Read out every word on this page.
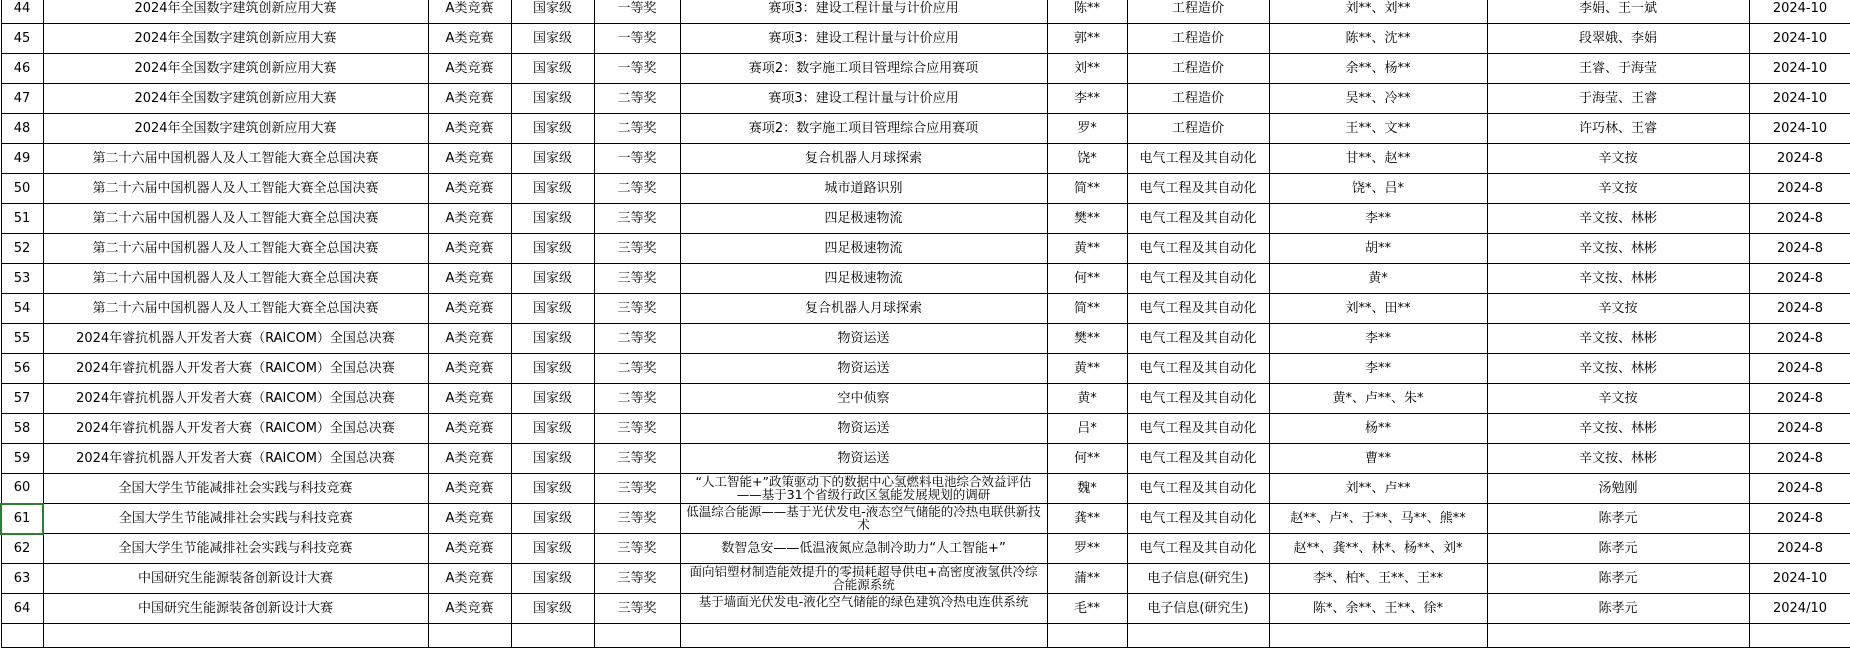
44	2024年全国数字建筑创新应用大赛	A类竞赛	国家级	一等奖	赛项3：建设工程计量与计价应用	陈**	工程造价	刘**、刘**	李娟、王一斌	2024-10
45	2024年全国数字建筑创新应用大赛	A类竞赛	国家级	一等奖	赛项3：建设工程计量与计价应用	郭**	工程造价	陈**、沈**	段翠娥、李娟	2024-10
46	2024年全国数字建筑创新应用大赛	A类竞赛	国家级	一等奖	赛项2：数字施工项目管理综合应用赛项	刘**	工程造价	余**、杨**	王睿、于海莹	2024-10
47	2024年全国数字建筑创新应用大赛	A类竞赛	国家级	二等奖	赛项3：建设工程计量与计价应用	李**	工程造价	吴**、冷**	于海莹、王睿	2024-10
48	2024年全国数字建筑创新应用大赛	A类竞赛	国家级	二等奖	赛项2：数字施工项目管理综合应用赛项	罗*	工程造价	王**、文**	许巧林、王睿	2024-10
49	第二十六届中国机器人及人工智能大赛全总国决赛	A类竞赛	国家级	一等奖	复合机器人月球探索	饶*	电气工程及其自动化	甘**、赵**	辛文按	2024-8
50	第二十六届中国机器人及人工智能大赛全总国决赛	A类竞赛	国家级	二等奖	城市道路识别	简**	电气工程及其自动化	饶*、吕*	辛文按	2024-8
51	第二十六届中国机器人及人工智能大赛全总国决赛	A类竞赛	国家级	三等奖	四足极速物流	樊**	电气工程及其自动化	李**	辛文按、林彬	2024-8
52	第二十六届中国机器人及人工智能大赛全总国决赛	A类竞赛	国家级	三等奖	四足极速物流	黄**	电气工程及其自动化	胡**	辛文按、林彬	2024-8
53	第二十六届中国机器人及人工智能大赛全总国决赛	A类竞赛	国家级	三等奖	四足极速物流	何**	电气工程及其自动化	黄*	辛文按、林彬	2024-8
54	第二十六届中国机器人及人工智能大赛全总国决赛	A类竞赛	国家级	三等奖	复合机器人月球探索	简**	电气工程及其自动化	刘**、田**	辛文按	2024-8
55	2024年睿抗机器人开发者大赛（RAICOM）全国总决赛	A类竞赛	国家级	二等奖	物资运送	樊**	电气工程及其自动化	李**	辛文按、林彬	2024-8
56	2024年睿抗机器人开发者大赛（RAICOM）全国总决赛	A类竞赛	国家级	二等奖	物资运送	黄**	电气工程及其自动化	李**	辛文按、林彬	2024-8
57	2024年睿抗机器人开发者大赛（RAICOM）全国总决赛	A类竞赛	国家级	二等奖	空中侦察	黄*	电气工程及其自动化	黄*、卢**、朱*	辛文按	2024-8
58	2024年睿抗机器人开发者大赛（RAICOM）全国总决赛	A类竞赛	国家级	三等奖	物资运送	吕*	电气工程及其自动化	杨**	辛文按、林彬	2024-8
59	2024年睿抗机器人开发者大赛（RAICOM）全国总决赛	A类竞赛	国家级	三等奖	物资运送	何**	电气工程及其自动化	曹**	辛文按、林彬	2024-8
60	全国大学生节能减排社会实践与科技竞赛	A类竞赛	国家级	三等奖	“人工智能+”政策驱动下的数据中心氢燃料电池综合效益评估——基于31个省级行政区氢能发展规划的调研	魏*	电气工程及其自动化	刘**、卢**	汤勉刚	2024-8
61	全国大学生节能减排社会实践与科技竞赛	A类竞赛	国家级	三等奖	低温综合能源——基于光伏发电-液态空气储能的冷热电联供新技术	龚**	电气工程及其自动化	赵**、卢*、于**、马**、熊**	陈孝元	2024-8
62	全国大学生节能减排社会实践与科技竞赛	A类竞赛	国家级	三等奖	数智急安——低温液氮应急制冷助力“人工智能+”	罗**	电气工程及其自动化	赵**、龚**、林*、杨**、刘*	陈孝元	2024-8
63	中国研究生能源装备创新设计大赛	A类竞赛	国家级	三等奖	面向铝塑材制造能效提升的零损耗超导供电+高密度液氢供冷综合能源系统	蒲**	电子信息(研究生)	李*、柏*、王**、王**	陈孝元	2024-10
64	中国研究生能源装备创新设计大赛	A类竞赛	国家级	三等奖	基于墙面光伏发电-液化空气储能的绿色建筑冷热电连供系统	毛**	电子信息(研究生)	陈*、余**、王**、徐*	陈孝元	2024/10
